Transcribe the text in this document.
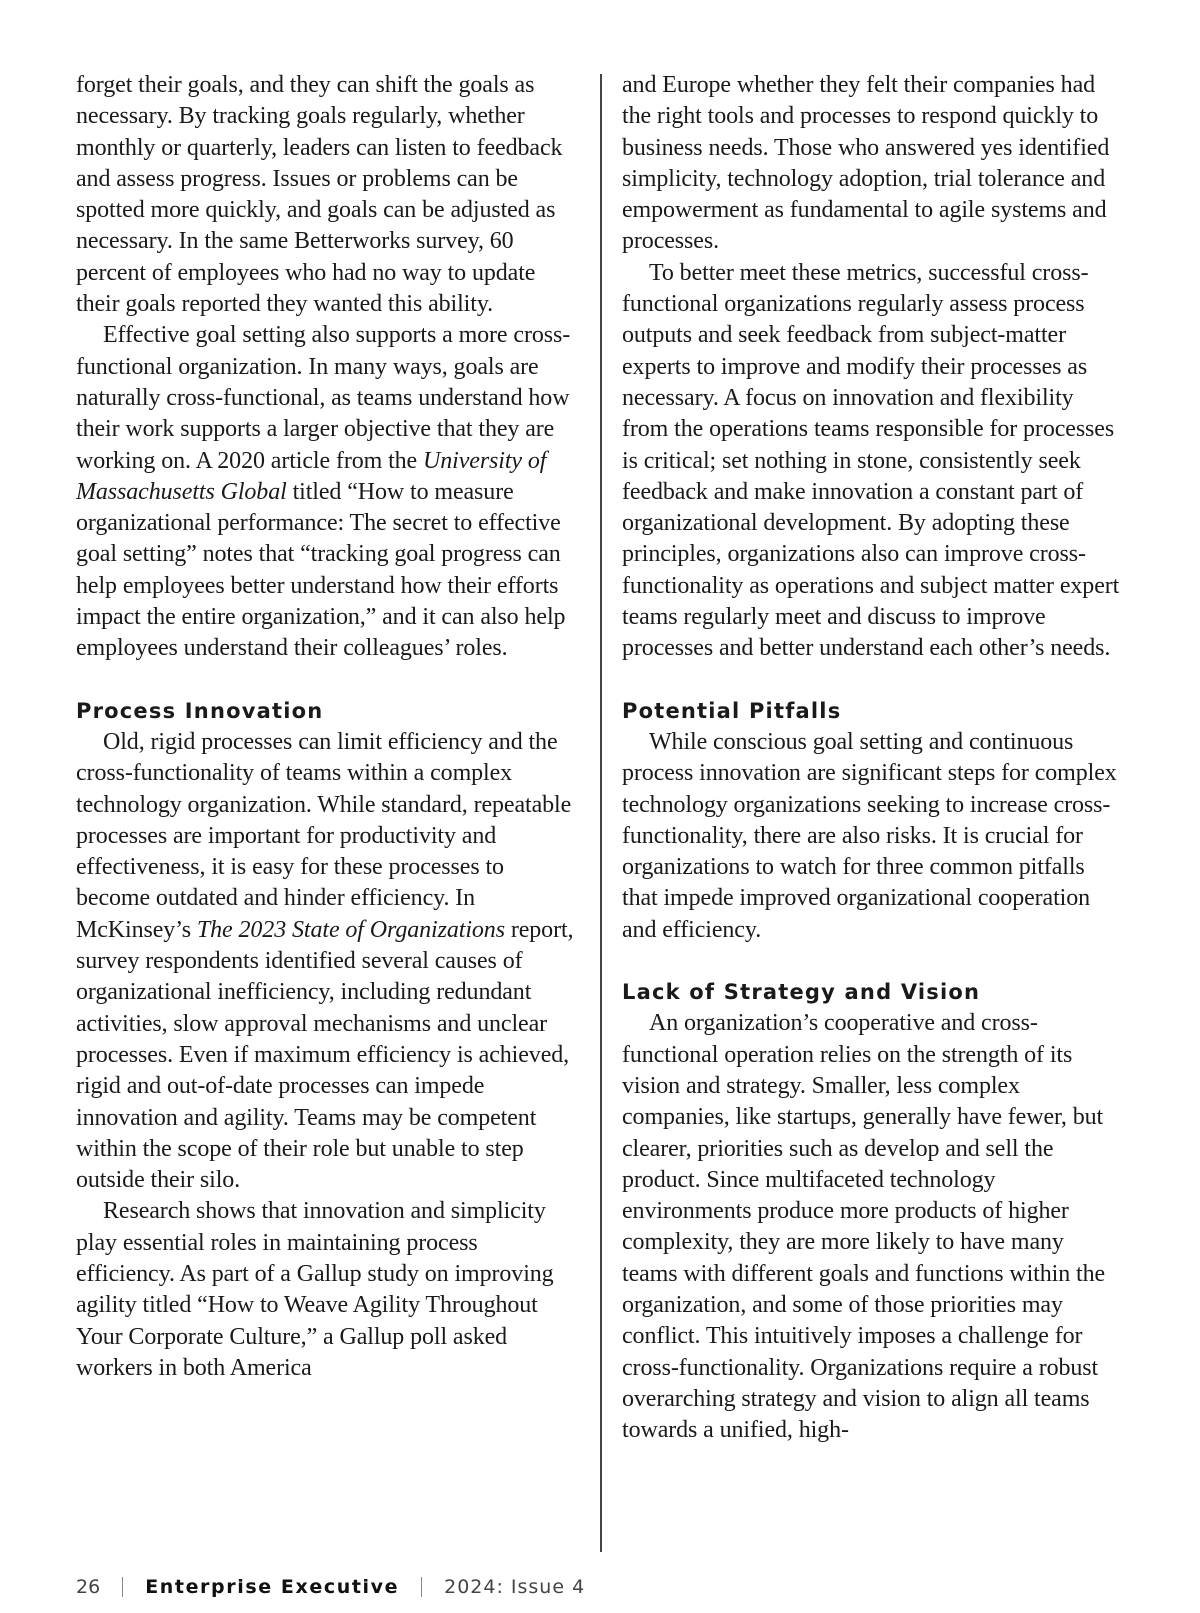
forget their goals, and they can shift the goals as necessary. By tracking goals regularly, whether monthly or quarterly, leaders can listen to feedback and assess progress. Issues or problems can be spotted more quickly, and goals can be adjusted as necessary. In the same Betterworks survey, 60 percent of employees who had no way to update their goals reported they wanted this ability.

Effective goal setting also supports a more cross-functional organization. In many ways, goals are naturally cross-functional, as teams understand how their work supports a larger objective that they are working on. A 2020 article from the University of Massachusetts Global titled “How to measure organizational performance: The secret to effective goal setting” notes that “tracking goal progress can help employees better understand how their efforts impact the entire organization,” and it can also help employees understand their colleagues’ roles.

Process Innovation

Old, rigid processes can limit efficiency and the cross-functionality of teams within a complex technology organization. While standard, repeatable processes are important for productivity and effectiveness, it is easy for these processes to become outdated and hinder efficiency. In McKinsey’s The 2023 State of Organizations report, survey respondents identified several causes of organizational inefficiency, including redundant activities, slow approval mechanisms and unclear processes. Even if maximum efficiency is achieved, rigid and out-of-date processes can impede innovation and agility. Teams may be competent within the scope of their role but unable to step outside their silo.

Research shows that innovation and simplicity play essential roles in maintaining process efficiency. As part of a Gallup study on improving agility titled “How to Weave Agility Throughout Your Corporate Culture,” a Gallup poll asked workers in both America

and Europe whether they felt their companies had the right tools and processes to respond quickly to business needs. Those who answered yes identified simplicity, technology adoption, trial tolerance and empowerment as fundamental to agile systems and processes.

To better meet these metrics, successful cross-functional organizations regularly assess process outputs and seek feedback from subject-matter experts to improve and modify their processes as necessary. A focus on innovation and flexibility from the operations teams responsible for processes is critical; set nothing in stone, consistently seek feedback and make innovation a constant part of organizational development. By adopting these principles, organizations also can improve cross-functionality as operations and subject matter expert teams regularly meet and discuss to improve processes and better understand each other’s needs.

Potential Pitfalls

While conscious goal setting and continuous process innovation are significant steps for complex technology organizations seeking to increase cross-functionality, there are also risks. It is crucial for organizations to watch for three common pitfalls that impede improved organizational cooperation and efficiency.

Lack of Strategy and Vision

An organization’s cooperative and cross-functional operation relies on the strength of its vision and strategy. Smaller, less complex companies, like startups, generally have fewer, but clearer, priorities such as develop and sell the product. Since multifaceted technology environments produce more products of higher complexity, they are more likely to have many teams with different goals and functions within the organization, and some of those priorities may conflict. This intuitively imposes a challenge for cross-functionality. Organizations require a robust overarching strategy and vision to align all teams towards a unified, high-

26 Enterprise Executive 2024: Issue 4
